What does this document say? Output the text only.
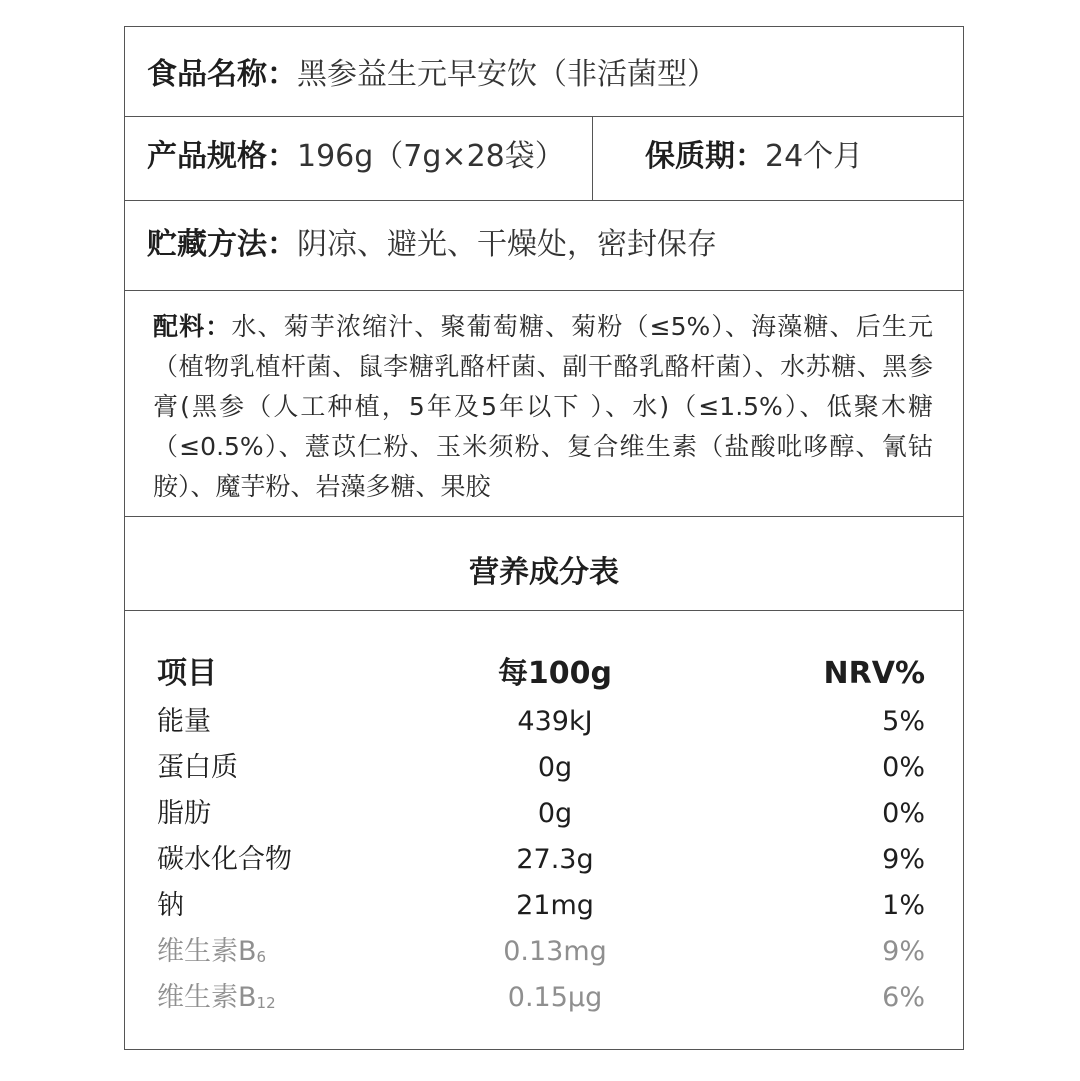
食品名称：黑参益生元早安饮（非活菌型）
产品规格：196g（7g×28袋）	保质期：24个月
贮藏方法：阴凉、避光、干燥处，密封保存
配料：水、菊芋浓缩汁、聚葡萄糖、菊粉（≤5%）、海藻糖、后生元（植物乳植杆菌、鼠李糖乳酪杆菌、副干酪乳酪杆菌）、水苏糖、黑参膏(黑参（人工种植，5年及5年以下 ）、水)（≤1.5%）、低聚木糖（≤0.5%）、薏苡仁粉、玉米须粉、复合维生素（盐酸吡哆醇、氰钴胺）、魔芋粉、岩藻多糖、果胶
营养成分表
项目	每100g	NRV%
能量	439kJ	5%
蛋白质	0g	0%
脂肪	0g	0%
碳水化合物	27.3g	9%
钠	21mg	1%
维生素$B_6$	0.13mg	9%
维生素$B_{12}$	0.15μg	6%
